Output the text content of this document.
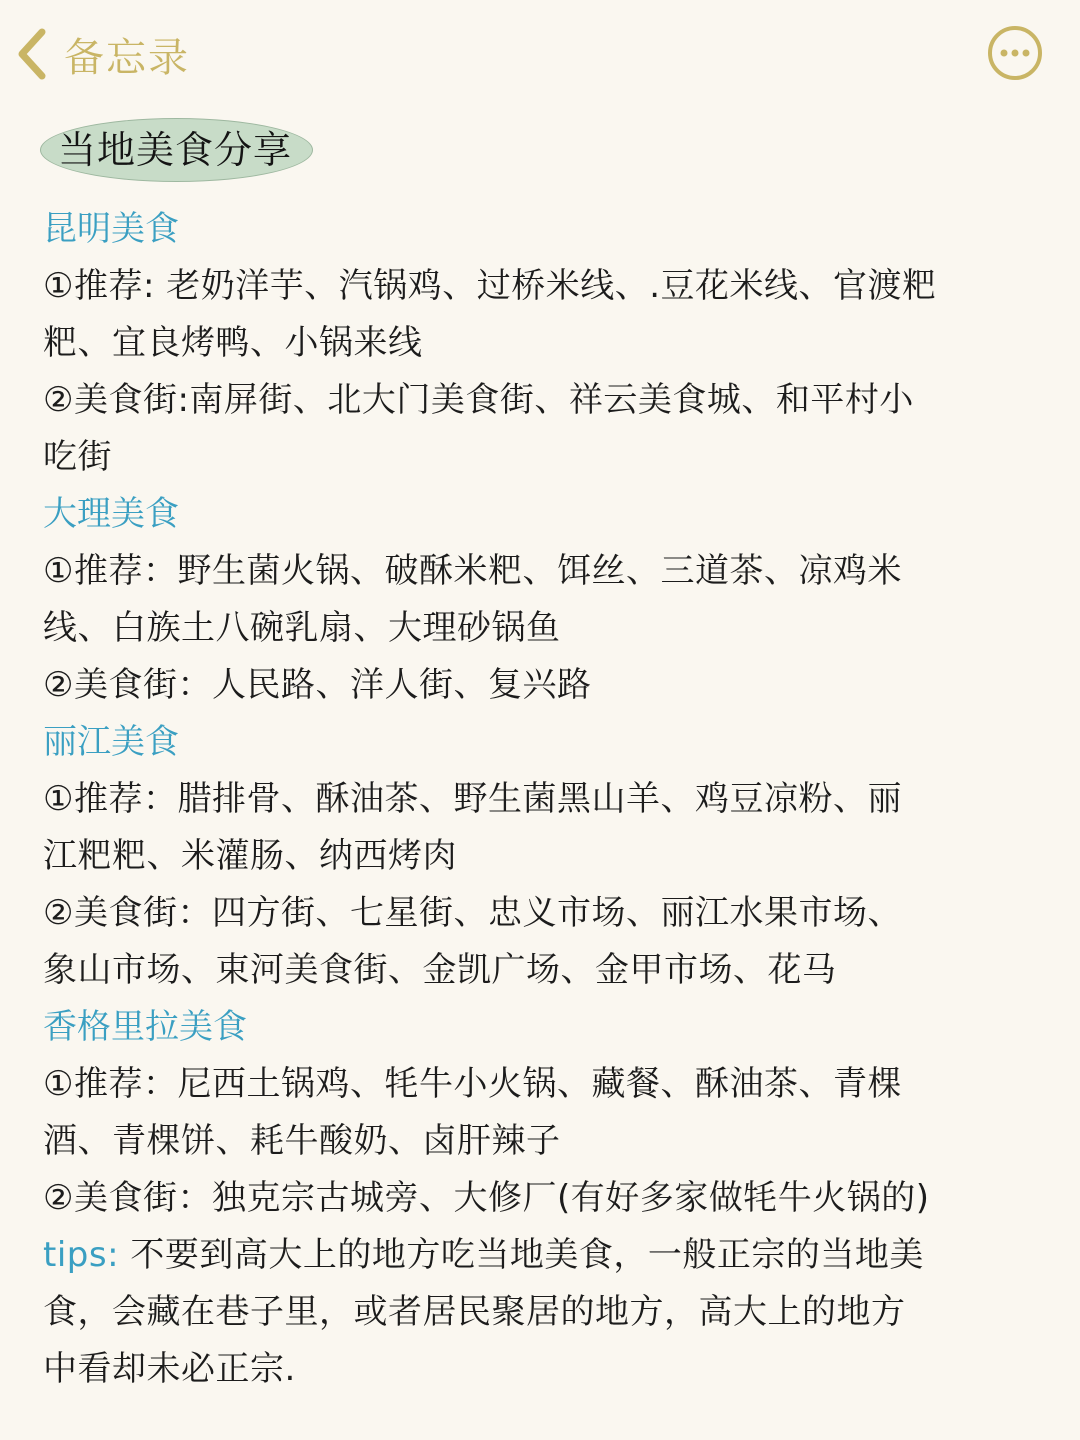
备忘录
当地美食分享
昆明美食
①推荐: 老奶洋芋、汽锅鸡、过桥米线、.豆花米线、官渡粑
粑、宜良烤鸭、小锅来线
②美食街:南屏街、北大门美食街、祥云美食城、和平村小
吃街
大理美食
①推荐：野生菌火锅、破酥米粑、饵丝、三道茶、凉鸡米
线、白族土八碗乳扇、大理砂锅鱼
②美食街：人民路、洋人街、复兴路
丽江美食
①推荐：腊排骨、酥油茶、野生菌黑山羊、鸡豆凉粉、丽
江粑粑、米灌肠、纳西烤肉
②美食街：四方街、七星街、忠义市场、丽江水果市场、
象山市场、束河美食街、金凯广场、金甲市场、花马
香格里拉美食
①推荐：尼西土锅鸡、牦牛小火锅、藏餐、酥油茶、青棵
酒、青棵饼、耗牛酸奶、卤肝辣子
②美食街：独克宗古城旁、大修厂(有好多家做牦牛火锅的)
tips: 不要到高大上的地方吃当地美食，一般正宗的当地美
食，会藏在巷子里，或者居民聚居的地方，高大上的地方
中看却未必正宗.
